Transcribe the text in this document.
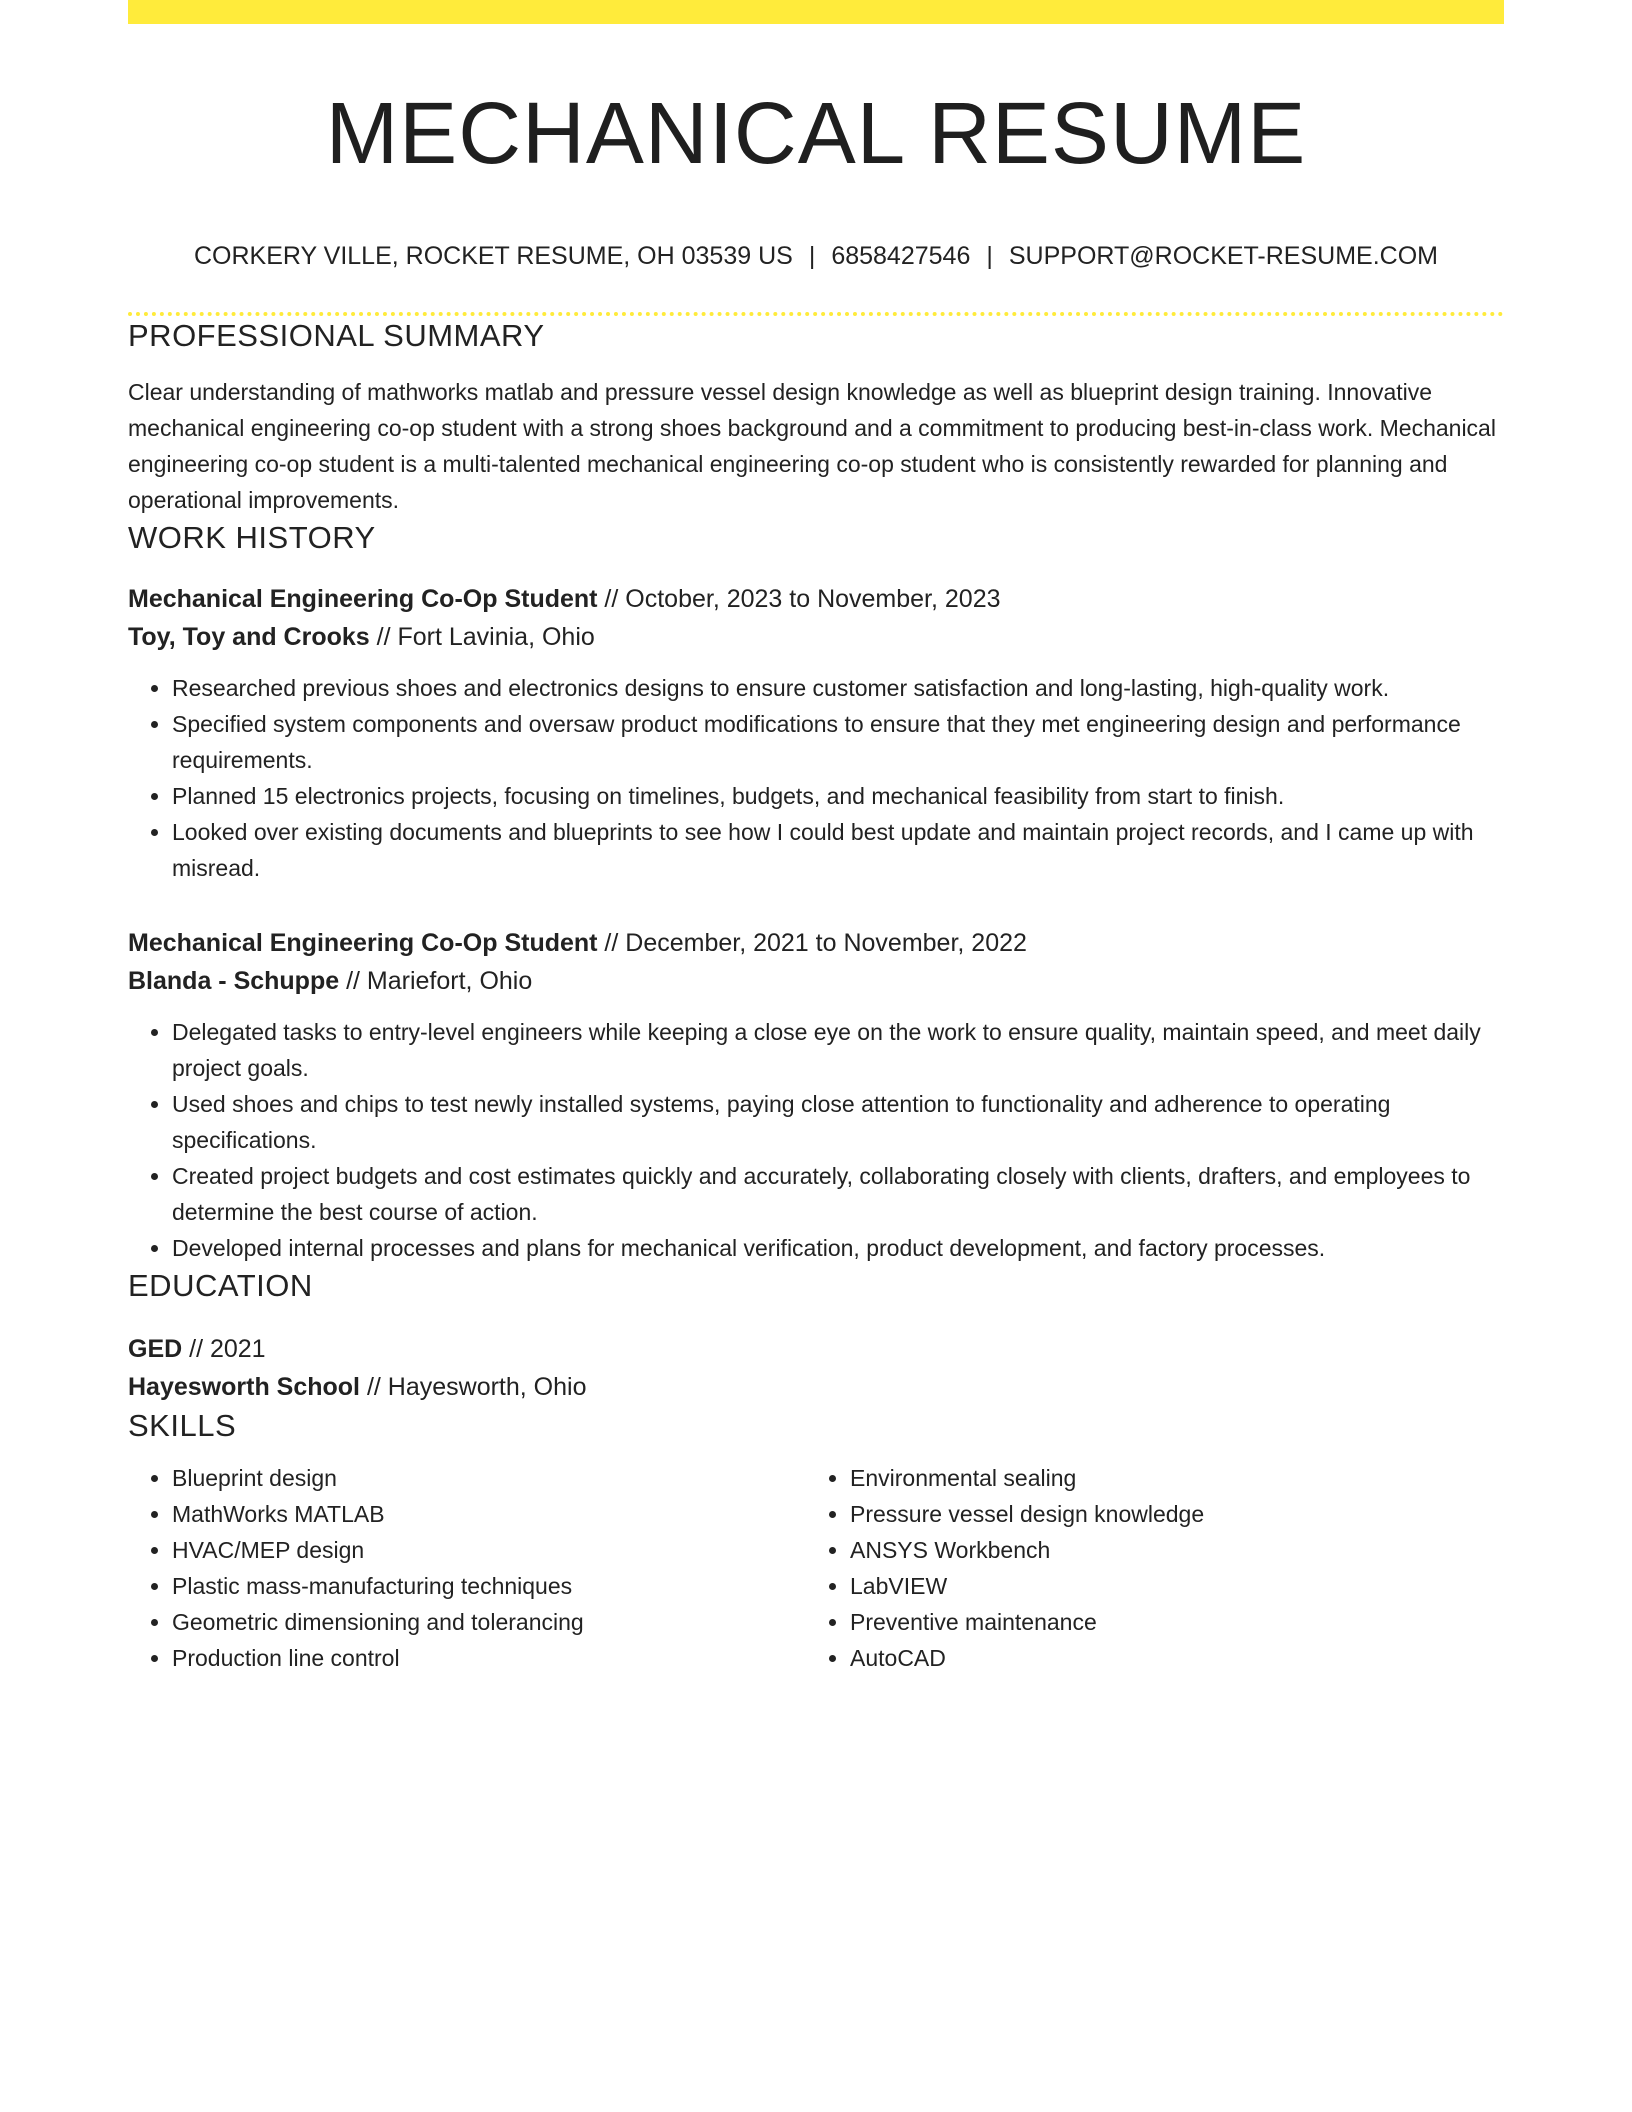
MECHANICAL RESUME
CORKERY VILLE, ROCKET RESUME, OH 03539 US | 6858427546 | SUPPORT@ROCKET-RESUME.COM
PROFESSIONAL SUMMARY

Clear understanding of mathworks matlab and pressure vessel design knowledge as well as blueprint design training. Innovative mechanical engineering co-op student with a strong shoes background and a commitment to producing best-in-class work. Mechanical engineering co-op student is a multi-talented mechanical engineering co-op student who is consistently rewarded for planning and operational improvements.

WORK HISTORY
Mechanical Engineering Co-Op Student // October, 2023 to November, 2023
Toy, Toy and Crooks // Fort Lavinia, Ohio
• Researched previous shoes and electronics designs to ensure customer satisfaction and long-lasting, high-quality work.
• Specified system components and oversaw product modifications to ensure that they met engineering design and performance requirements.
• Planned 15 electronics projects, focusing on timelines, budgets, and mechanical feasibility from start to finish.
• Looked over existing documents and blueprints to see how I could best update and maintain project records, and I came up with misread.
Mechanical Engineering Co-Op Student // December, 2021 to November, 2022
Blanda - Schuppe // Mariefort, Ohio
• Delegated tasks to entry-level engineers while keeping a close eye on the work to ensure quality, maintain speed, and meet daily project goals.
• Used shoes and chips to test newly installed systems, paying close attention to functionality and adherence to operating specifications.
• Created project budgets and cost estimates quickly and accurately, collaborating closely with clients, drafters, and employees to determine the best course of action.
• Developed internal processes and plans for mechanical verification, product development, and factory processes.
EDUCATION
GED // 2021
Hayesworth School // Hayesworth, Ohio
SKILLS
• Blueprint design
• MathWorks MATLAB
• HVAC/MEP design
• Plastic mass-manufacturing techniques
• Geometric dimensioning and tolerancing
• Production line control
• Environmental sealing
• Pressure vessel design knowledge
• ANSYS Workbench
• LabVIEW
• Preventive maintenance
• AutoCAD
